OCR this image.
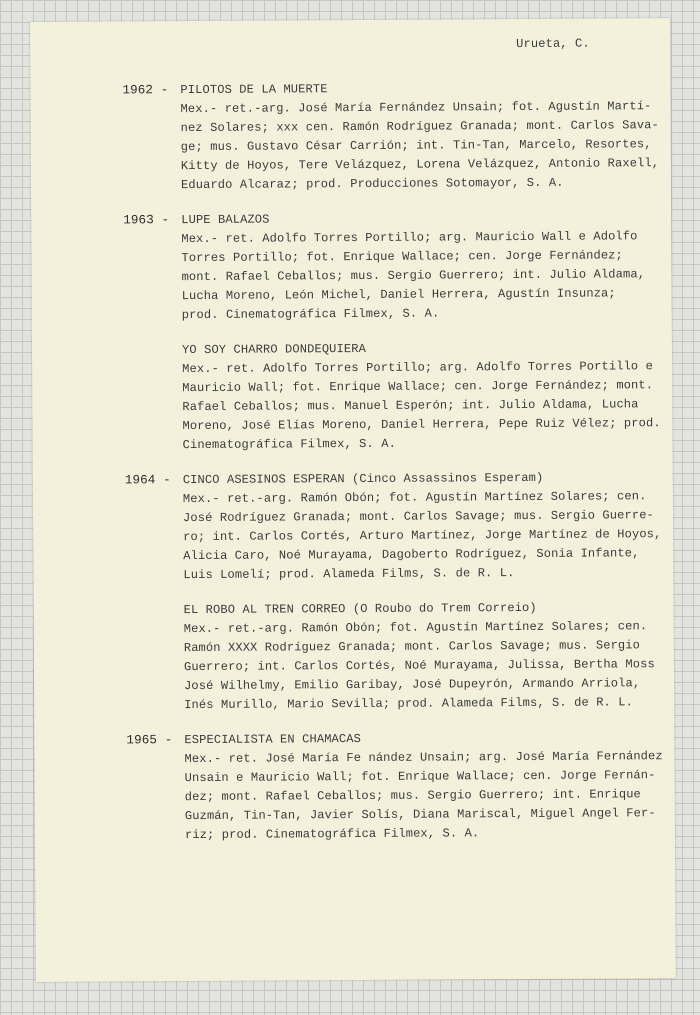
Urueta, C.
1962 - PILOTOS DE LA MUERTE
Mex.- ret.-arg. José María Fernández Unsain; fot. Agustín Martí-
nez Solares; xxx cen. Ramón Rodríguez Granada; mont. Carlos Sava-
ge; mus. Gustavo César Carrión; int. Tin-Tan, Marcelo, Resortes,
Kitty de Hoyos, Tere Velázquez, Lorena Velázquez, Antonio Raxell,
Eduardo Alcaraz; prod. Producciones Sotomayor, S. A.
1963 - LUPE BALAZOS
Mex.- ret. Adolfo Torres Portillo; arg. Mauricio Wall e Adolfo
Torres Portillo; fot. Enrique Wallace; cen. Jorge Fernández;
mont. Rafael Ceballos; mus. Sergio Guerrero; int. Julio Aldama,
Lucha Moreno, León Michel, Daniel Herrera, Agustín Insunza;
prod. Cinematográfica Filmex, S. A.
YO SOY CHARRO DONDEQUIERA
Mex.- ret. Adolfo Torres Portillo; arg. Adolfo Torres Portillo e
Mauricio Wall; fot. Enrique Wallace; cen. Jorge Fernández; mont.
Rafael Ceballos; mus. Manuel Esperón; int. Julio Aldama, Lucha
Moreno, José Elías Moreno, Daniel Herrera, Pepe Ruiz Vélez; prod.
Cinematográfica Filmex, S. A.
1964 - CINCO ASESINOS ESPERAN (Cinco Assassinos Esperam)
Mex.- ret.-arg. Ramón Obón; fot. Agustín Martínez Solares; cen.
José Rodríguez Granada; mont. Carlos Savage; mus. Sergio Guerre-
ro; int. Carlos Cortés, Arturo Martínez, Jorge Martínez de Hoyos,
Alicia Caro, Noé Murayama, Dagoberto Rodríguez, Sonia Infante,
Luis Lomelí; prod. Alameda Films, S. de R. L.
EL ROBO AL TREN CORREO (O Roubo do Trem Correio)
Mex.- ret.-arg. Ramón Obón; fot. Agustín Martínez Solares; cen.
Ramón XXXX Rodríguez Granada; mont. Carlos Savage; mus. Sergio
Guerrero; int. Carlos Cortés, Noé Murayama, Julissa, Bertha Moss
José Wilhelmy, Emilio Garibay, José Dupeyrón, Armando Arriola,
Inés Murillo, Mario Sevilla; prod. Alameda Films, S. de R. L.
1965 - ESPECIALISTA EN CHAMACAS
Mex.- ret. José María Fe nández Unsain; arg. José María Fernández
Unsain e Mauricio Wall; fot. Enrique Wallace; cen. Jorge Fernán-
dez; mont. Rafael Ceballos; mus. Sergio Guerrero; int. Enrique
Guzmán, Tin-Tan, Javier Solís, Diana Mariscal, Miguel Angel Fer-
riz; prod. Cinematográfica Filmex, S. A.
